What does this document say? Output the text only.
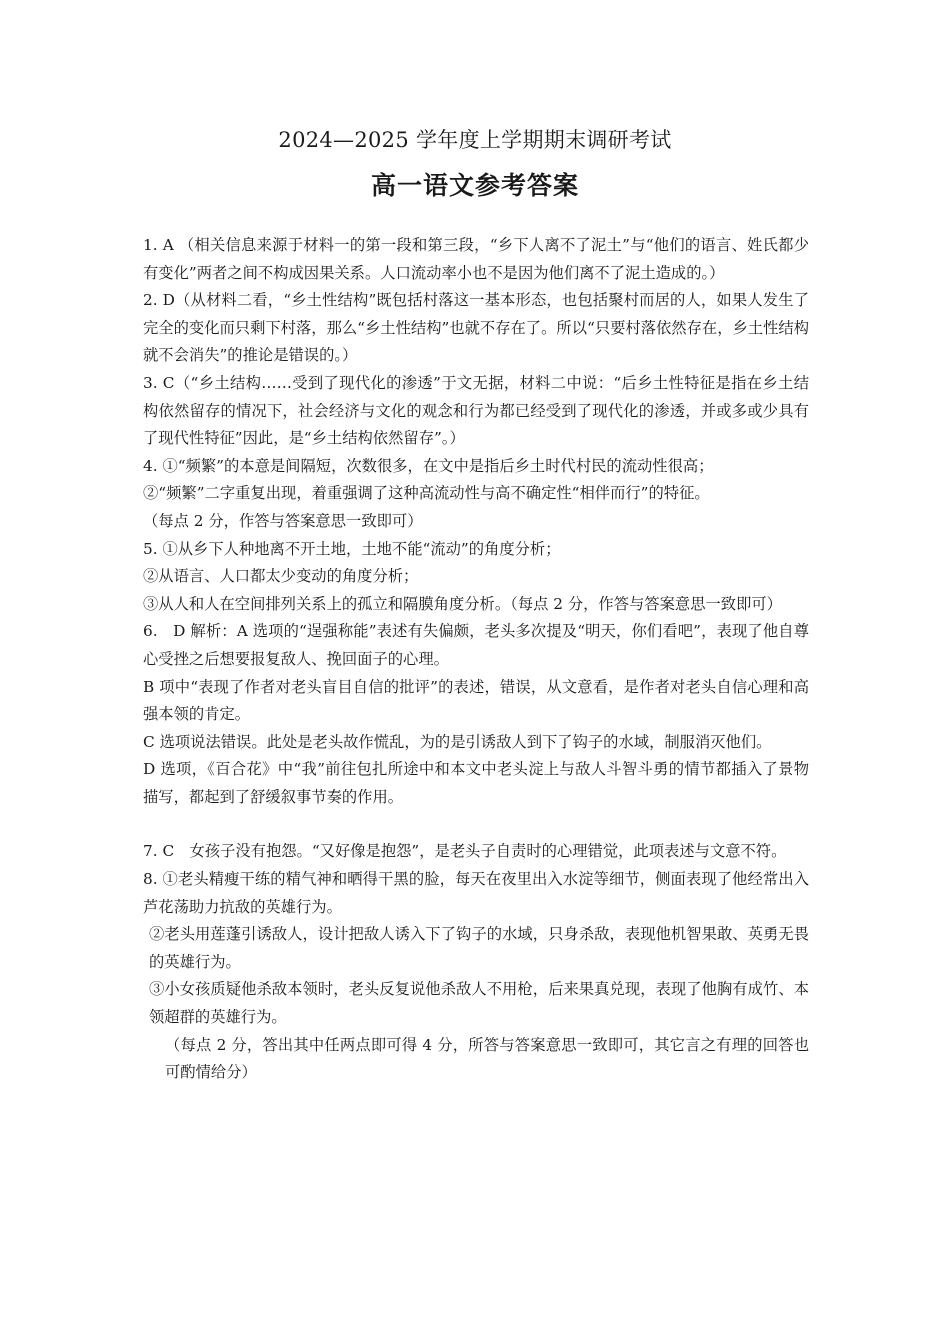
2024—2025 学年度上学期期末调研考试
高一语文参考答案

1. A （相关信息来源于材料一的第一段和第三段，“乡下人离不了泥土”与“他们的语言、姓氏都少有变化”两者之间不构成因果关系。人口流动率小也不是因为他们离不了泥土造成的。）

2. D（从材料二看，“乡土性结构”既包括村落这一基本形态，也包括聚村而居的人，如果人发生了完全的变化而只剩下村落，那么“乡土性结构”也就不存在了。所以“只要村落依然存在，乡土性结构就不会消失”的推论是错误的。）

3. C（“乡土结构……受到了现代化的渗透”于文无据，材料二中说：“后乡土性特征是指在乡土结构依然留存的情况下，社会经济与文化的观念和行为都已经受到了现代化的渗透，并或多或少具有了现代性特征”因此，是“乡土结构依然留存”。）

4. ①“频繁”的本意是间隔短，次数很多，在文中是指后乡土时代村民的流动性很高；

②“频繁”二字重复出现，着重强调了这种高流动性与高不确定性“相伴而行”的特征。

（每点 2 分，作答与答案意思一致即可）

5. ①从乡下人种地离不开土地，土地不能“流动”的角度分析；

②从语言、人口都太少变动的角度分析；

③从人和人在空间排列关系上的孤立和隔膜角度分析。（每点 2 分，作答与答案意思一致即可）

6.　D 解析：A 选项的“逞强称能”表述有失偏颇，老头多次提及“明天，你们看吧”，表现了他自尊心受挫之后想要报复敌人、挽回面子的心理。

B 项中“表现了作者对老头盲目自信的批评”的表述，错误，从文意看，是作者对老头自信心理和高强本领的肯定。

C 选项说法错误。此处是老头故作慌乱，为的是引诱敌人到下了钩子的水域，制服消灭他们。

D 选项，《百合花》中“我”前往包扎所途中和本文中老头淀上与敌人斗智斗勇的情节都插入了景物描写，都起到了舒缓叙事节奏的作用。

7. C　女孩子没有抱怨。“又好像是抱怨”，是老头子自责时的心理错觉，此项表述与文意不符。

8. ①老头精瘦干练的精气神和晒得干黑的脸，每天在夜里出入水淀等细节，侧面表现了他经常出入芦花荡助力抗敌的英雄行为。

②老头用莲蓬引诱敌人，设计把敌人诱入下了钩子的水域，只身杀敌，表现他机智果敢、英勇无畏的英雄行为。

③小女孩质疑他杀敌本领时，老头反复说他杀敌人不用枪，后来果真兑现，表现了他胸有成竹、本领超群的英雄行为。

（每点 2 分，答出其中任两点即可得 4 分，所答与答案意思一致即可，其它言之有理的回答也可酌情给分）
